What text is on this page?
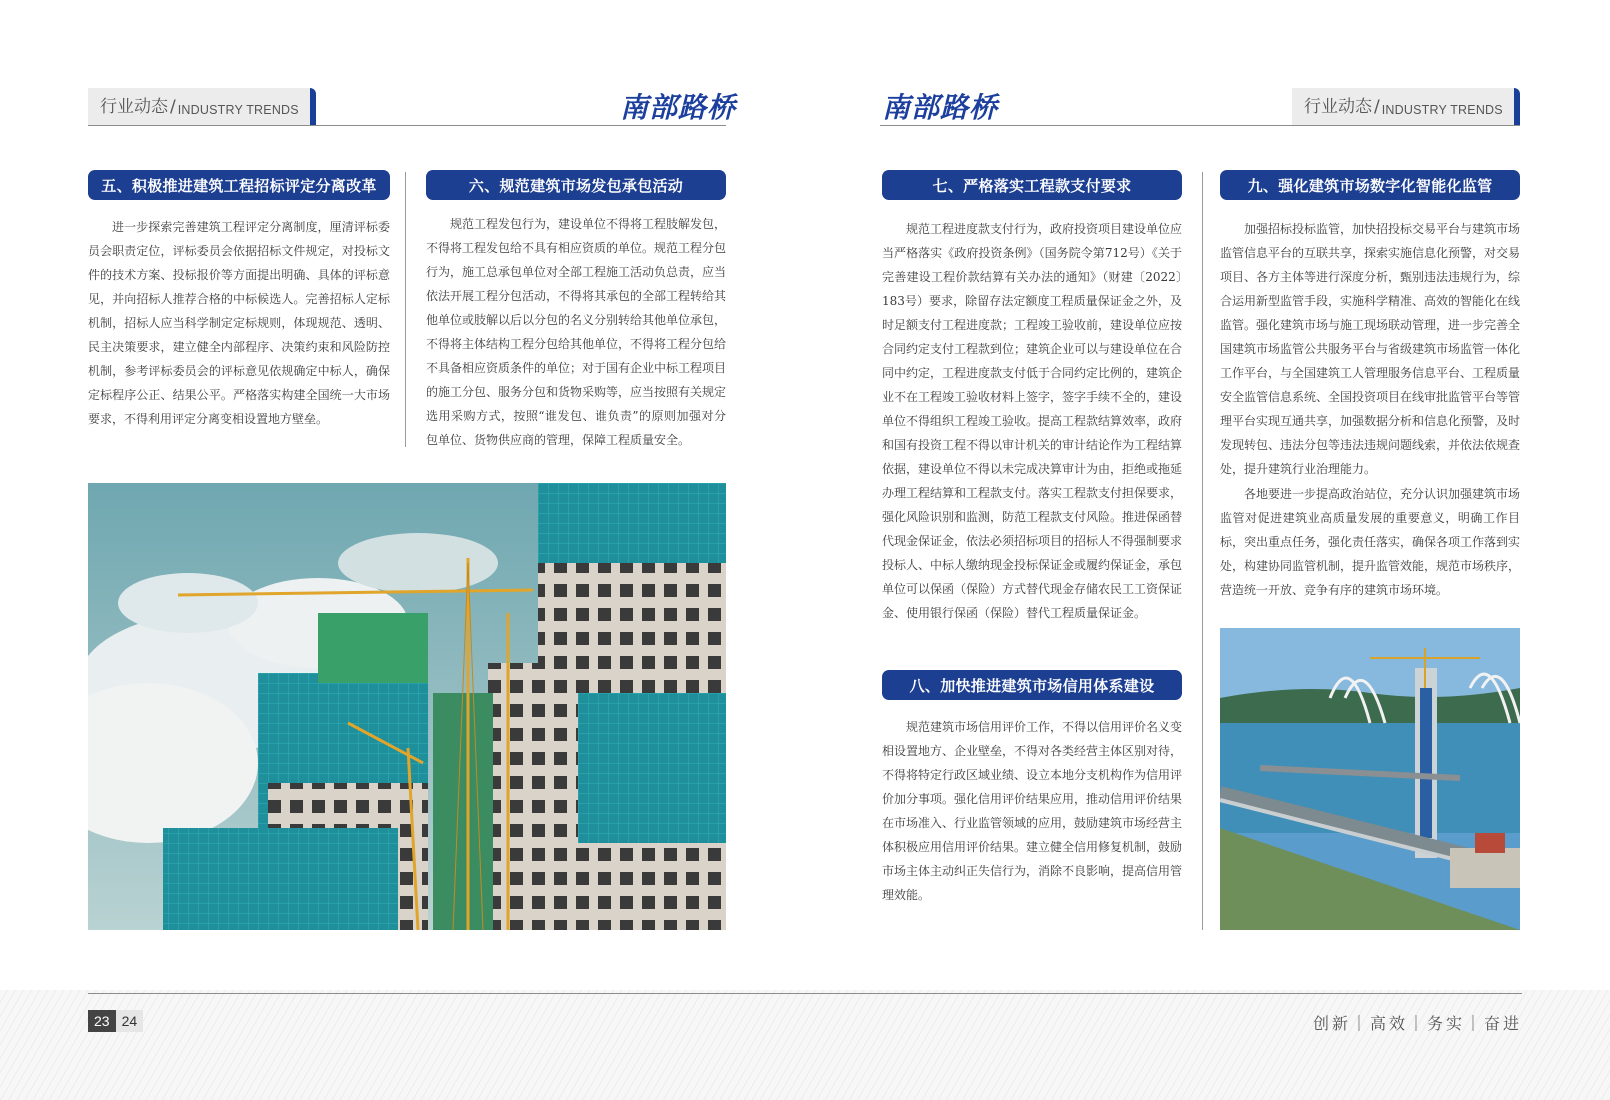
行业动态 / INDUSTRY TRENDS	南部路桥	南部路桥	行业动态 / INDUSTRY TRENDS
五、积极推进建筑工程招标评定分离改革
进一步探索完善建筑工程评定分离制度，厘清评标委员会职责定位，评标委员会依据招标文件规定，对投标文件的技术方案、投标报价等方面提出明确、具体的评标意见，并向招标人推荐合格的中标候选人。完善招标人定标机制，招标人应当科学制定定标规则，体现规范、透明、民主决策要求，建立健全内部程序、决策约束和风险防控机制，参考评标委员会的评标意见依规确定中标人，确保定标程序公正、结果公平。严格落实构建全国统一大市场要求，不得利用评定分离变相设置地方壁垒。
六、规范建筑市场发包承包活动
规范工程发包行为，建设单位不得将工程肢解发包，不得将工程发包给不具有相应资质的单位。规范工程分包行为，施工总承包单位对全部工程施工活动负总责，应当依法开展工程分包活动，不得将其承包的全部工程转给其他单位或肢解以后以分包的名义分别转给其他单位承包，不得将主体结构工程分包给其他单位，不得将工程分包给不具备相应资质条件的单位；对于国有企业中标工程项目的施工分包、服务分包和货物采购等，应当按照有关规定选用采购方式，按照“谁发包、谁负责”的原则加强对分包单位、货物供应商的管理，保障工程质量安全。
七、严格落实工程款支付要求
规范工程进度款支付行为，政府投资项目建设单位应当严格落实《政府投资条例》（国务院令第712号）《关于完善建设工程价款结算有关办法的通知》（财建〔2022〕183号）要求，除留存法定额度工程质量保证金之外，及时足额支付工程进度款；工程竣工验收前，建设单位应按合同约定支付工程款到位；建筑企业可以与建设单位在合同中约定，工程进度款支付低于合同约定比例的，建筑企业不在工程竣工验收材料上签字，签字手续不全的，建设单位不得组织工程竣工验收。提高工程款结算效率，政府和国有投资工程不得以审计机关的审计结论作为工程结算依据，建设单位不得以未完成决算审计为由，拒绝或拖延办理工程结算和工程款支付。落实工程款支付担保要求，强化风险识别和监测，防范工程款支付风险。推进保函替代现金保证金，依法必须招标项目的招标人不得强制要求投标人、中标人缴纳现金投标保证金或履约保证金，承包单位可以保函（保险）方式替代现金存储农民工工资保证金、使用银行保函（保险）替代工程质量保证金。
八、加快推进建筑市场信用体系建设
规范建筑市场信用评价工作，不得以信用评价名义变相设置地方、企业壁垒，不得对各类经营主体区别对待，不得将特定行政区域业绩、设立本地分支机构作为信用评价加分事项。强化信用评价结果应用，推动信用评价结果在市场准入、行业监管领域的应用，鼓励建筑市场经营主体积极应用信用评价结果。建立健全信用修复机制，鼓励市场主体主动纠正失信行为，消除不良影响，提高信用管理效能。
九、强化建筑市场数字化智能化监管
加强招标投标监管，加快招投标交易平台与建筑市场监管信息平台的互联共享，探索实施信息化预警，对交易项目、各方主体等进行深度分析，甄别违法违规行为，综合运用新型监管手段，实施科学精准、高效的智能化在线监管。强化建筑市场与施工现场联动管理，进一步完善全国建筑市场监管公共服务平台与省级建筑市场监管一体化工作平台，与全国建筑工人管理服务信息平台、工程质量安全监管信息系统、全国投资项目在线审批监管平台等管理平台实现互通共享，加强数据分析和信息化预警，及时发现转包、违法分包等违法违规问题线索，并依法依规查处，提升建筑行业治理能力。
各地要进一步提高政治站位，充分认识加强建筑市场监管对促进建筑业高质量发展的重要意义，明确工作目标，突出重点任务，强化责任落实，确保各项工作落到实处，构建协同监管机制，提升监管效能，规范市场秩序，营造统一开放、竞争有序的建筑市场环境。
23 24	创新｜高效｜务实｜奋进
